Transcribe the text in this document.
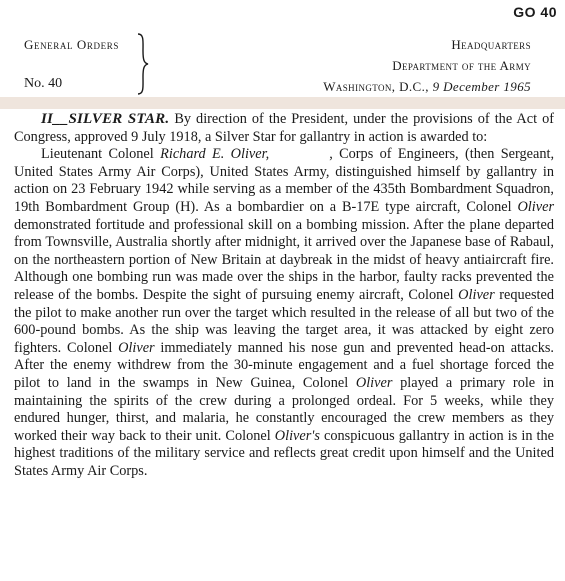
GO 40
General Orders
No. 40
Headquarters
Department of the Army
Washington, D.C., 9 December 1965

II__SILVER STAR. By direction of the President, under the provisions of the Act of Congress, approved 9 July 1918, a Silver Star for gallantry in action is awarded to:

Lieutenant Colonel Richard E. Oliver,	, Corps of Engineers, (then Sergeant, United States Army Air Corps), United States Army, distinguished himself by gallantry in action on 23 February 1942 while serving as a member of the 435th Bombardment Squadron, 19th Bombardment Group (H). As a bombardier on a B-17E type aircraft, Colonel Oliver demonstrated fortitude and professional skill on a bombing mission. After the plane departed from Townsville, Australia shortly after midnight, it arrived over the Japanese base of Rabaul, on the northeastern portion of New Britain at daybreak in the midst of heavy antiaircraft fire. Although one bombing run was made over the ships in the harbor, faulty racks prevented the release of the bombs. Despite the sight of pursuing enemy aircraft, Colonel Oliver requested the pilot to make another run over the target which resulted in the release of all but two of the 600-pound bombs. As the ship was leaving the target area, it was attacked by eight zero fighters. Colonel Oliver immediately manned his nose gun and prevented head-on attacks. After the enemy withdrew from the 30-minute engagement and a fuel shortage forced the pilot to land in the swamps in New Guinea, Colonel Oliver played a primary role in maintaining the spirits of the crew during a prolonged ordeal. For 5 weeks, while they endured hunger, thirst, and malaria, he constantly encouraged the crew members as they worked their way back to their unit. Colonel Oliver's conspicuous gallantry in action is in the highest traditions of the military service and reflects great credit upon himself and the United States Army Air Corps.
